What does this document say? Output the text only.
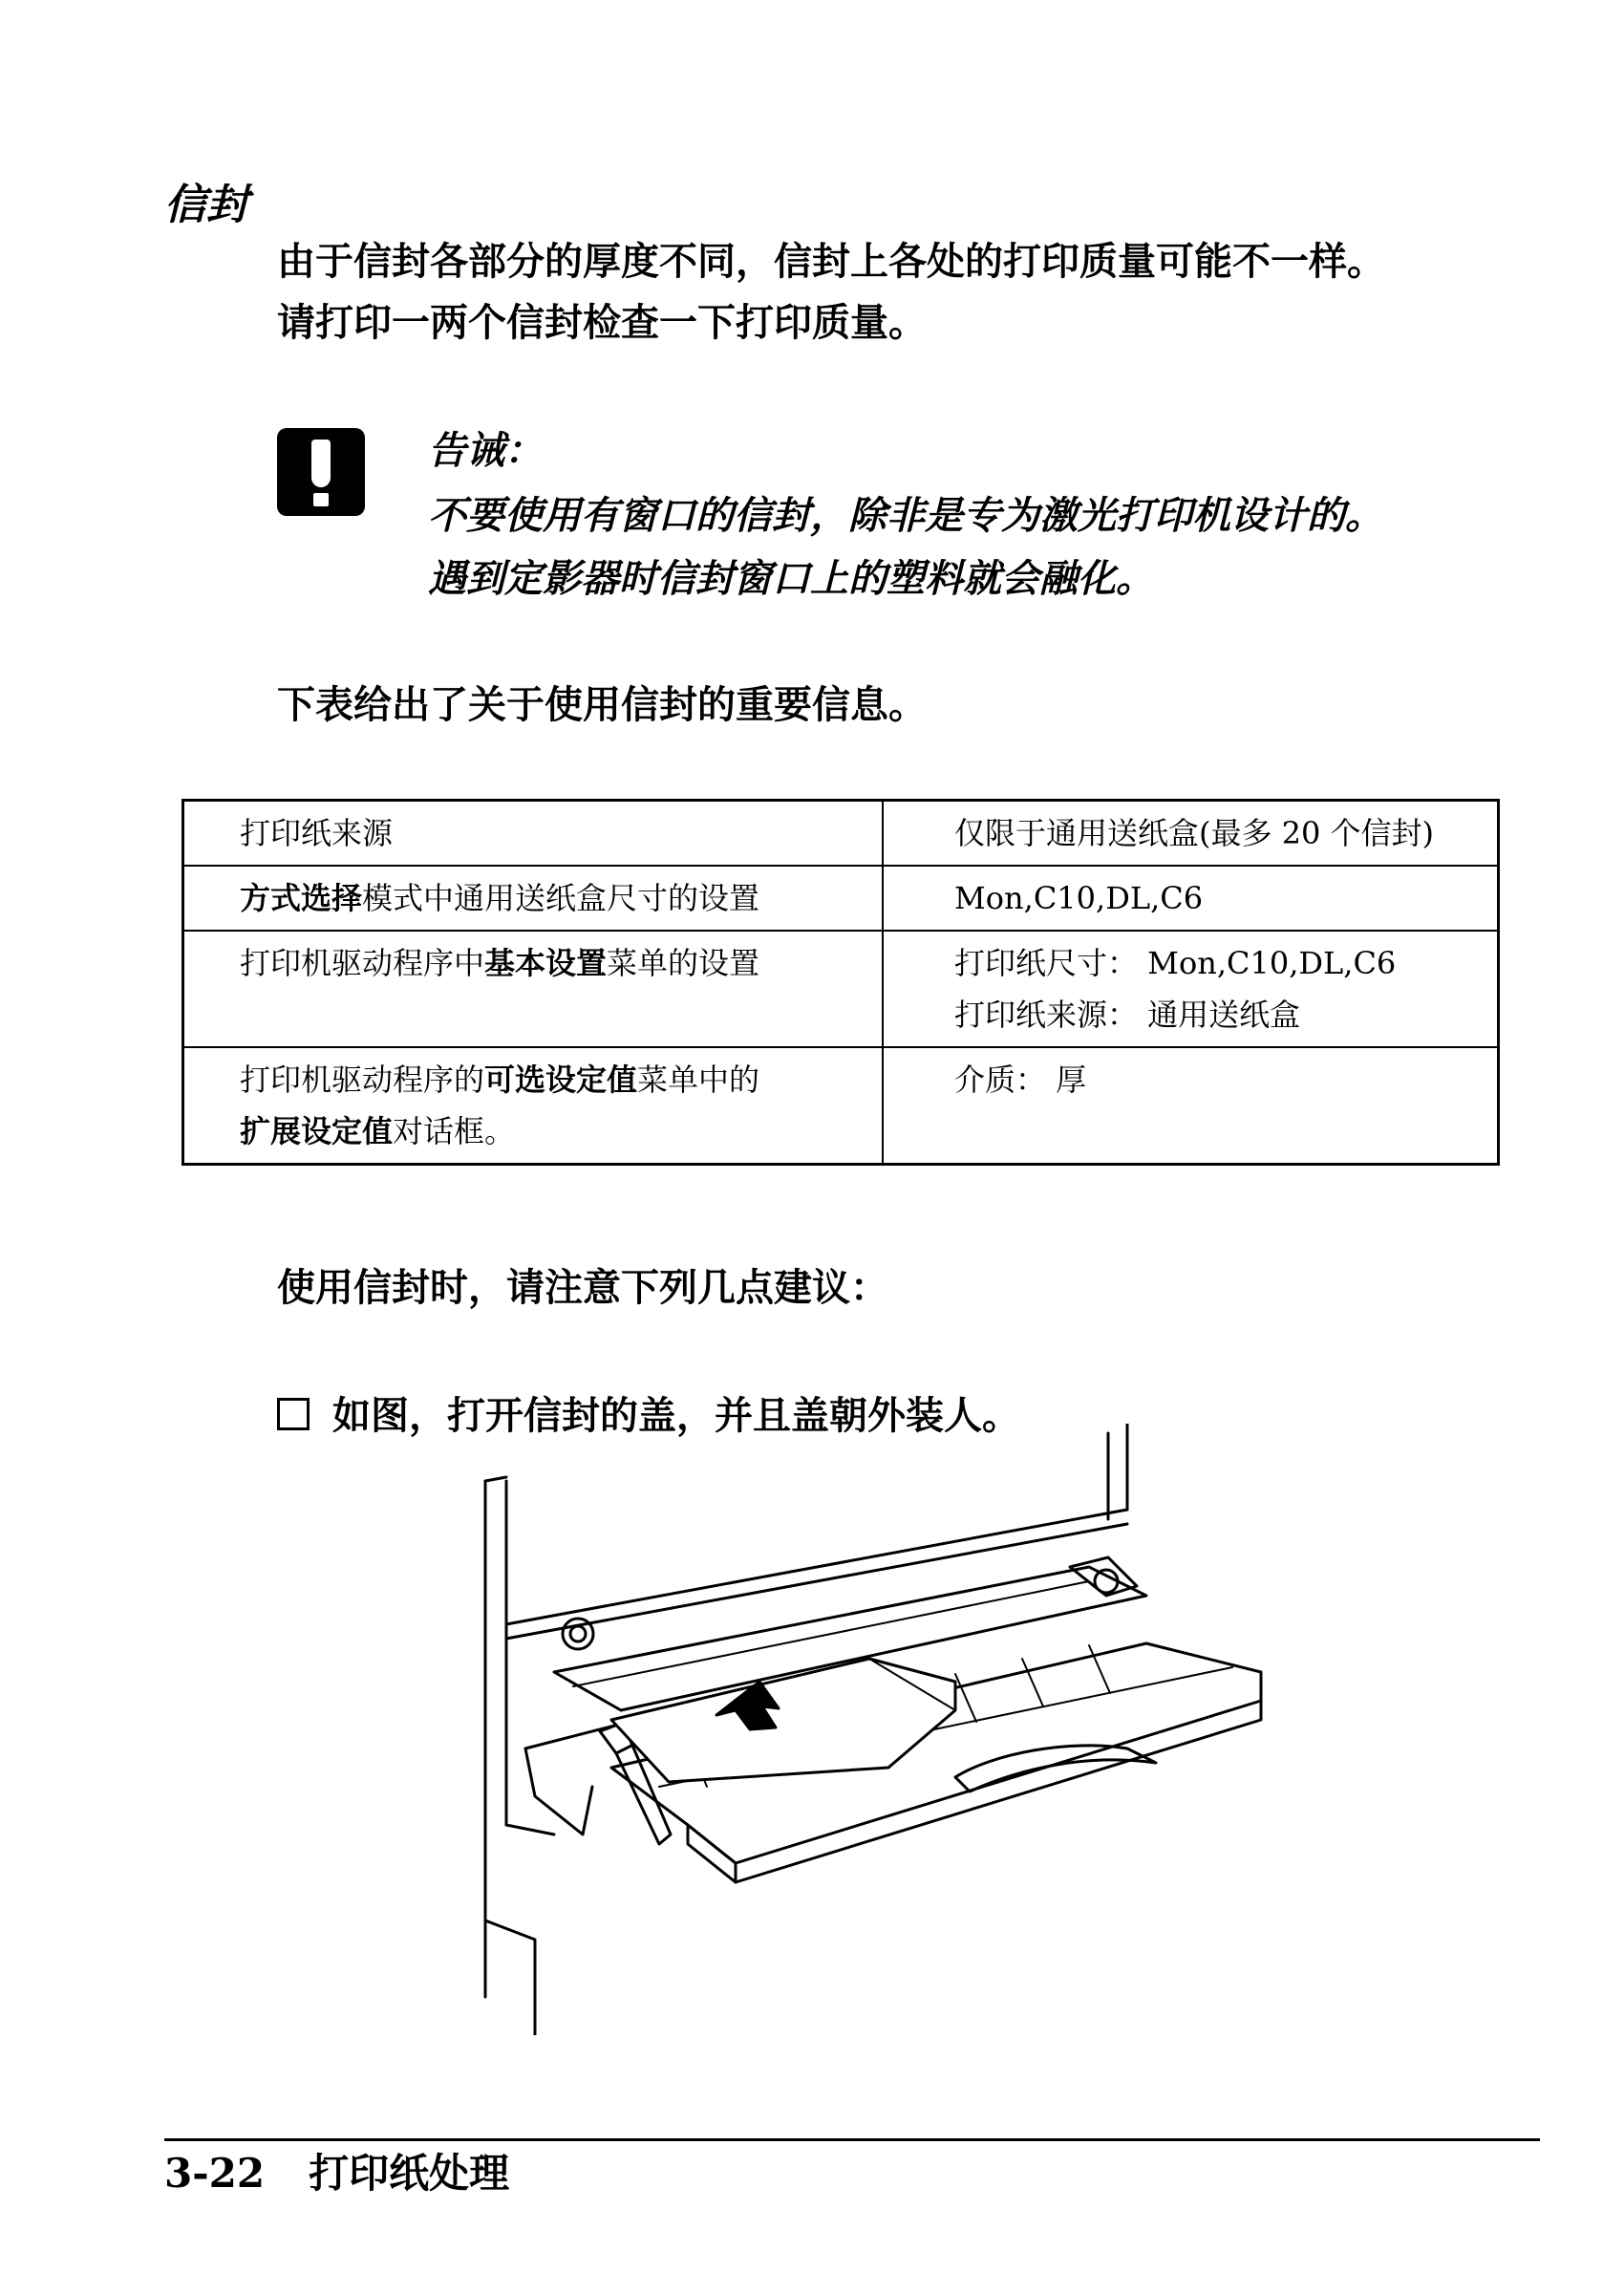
信封
由于信封各部分的厚度不同，信封上各处的打印质量可能不一样。
请打印一两个信封检查一下打印质量。
告诫：
不要使用有窗口的信封，除非是专为激光打印机设计的。
遇到定影器时信封窗口上的塑料就会融化。
下表给出了关于使用信封的重要信息。
打印纸来源	仅限于通用送纸盒(最多 20 个信封)
方式选择模式中通用送纸盒尺寸的设置	Mon,C10,DL,C6
打印机驱动程序中基本设置菜单的设置	打印纸尺寸： Mon,C10,DL,C6
打印纸来源： 通用送纸盒

打印机驱动程序的可选设定值菜单中的
扩展设定值对话框。	介质： 厚
使用信封时，请注意下列几点建议：
如图，打开信封的盖，并且盖朝外装人。
3-22 打印纸处理
